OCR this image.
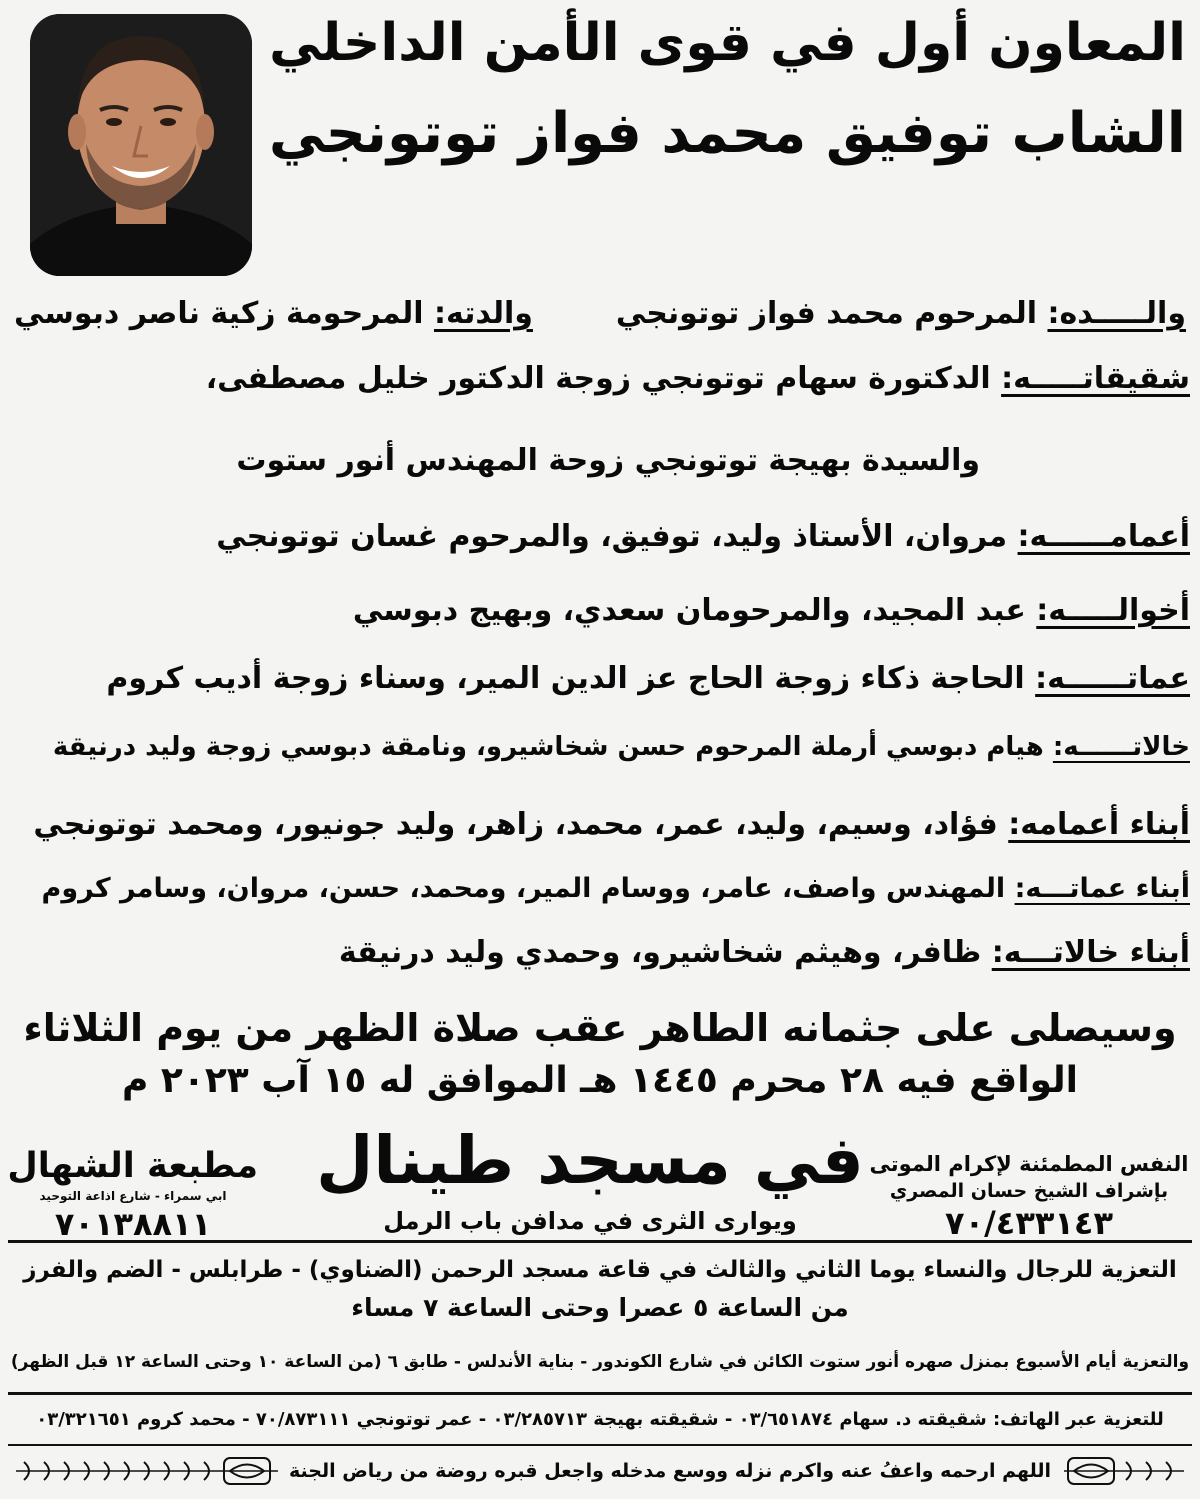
المعاون أول في قوى الأمن الداخلي
الشاب توفيق محمد فواز توتونجي
والـــــده: المرحوم محمد فواز توتونجي
والدته: المرحومة زكية ناصر دبوسي
شقيقاتـــــه: الدكتورة سهام توتونجي زوجة الدكتور خليل مصطفى،
والسيدة بهيجة توتونجي زوحة المهندس أنور ستوت
أعمامــــــه: مروان، الأستاذ وليد، توفيق، والمرحوم غسان توتونجي
أخوالـــــه: عبد المجيد، والمرحومان سعدي، وبهيج دبوسي
عماتــــــه: الحاجة ذكاء زوجة الحاج عز الدين المير، وسناء زوجة أديب كروم
خالاتــــــه: هيام دبوسي أرملة المرحوم حسن شخاشيرو، ونامقة دبوسي زوجة وليد درنيقة
أبناء أعمامه: فؤاد، وسيم، وليد، عمر، محمد، زاهر، وليد جونيور، ومحمد توتونجي
أبناء عماتـــه: المهندس واصف، عامر، ووسام المير، ومحمد، حسن، مروان، وسامر كروم
أبناء خالاتـــه: ظافر، وهيثم شخاشيرو، وحمدي وليد درنيقة
وسيصلى على جثمانه الطاهر عقب صلاة الظهر من يوم الثلاثاء
الواقع فيه ٢٨ محرم ١٤٤٥ هـ الموافق له ١٥ آب ٢٠٢٣ م
مطبعة الشهال
ابي سمراء - شارع اذاعة التوحيد
٧٠١٣٨٨١١
في مسجد طينال
ويوارى الثرى في مدافن باب الرمل
النفس المطمئنة لإكرام الموتى
بإشراف الشيخ حسان المصري
٧٠/٤٣٣١٤٣
التعزية للرجال والنساء يوما الثاني والثالث في قاعة مسجد الرحمن (الضناوي) - طرابلس - الضم والفرز
من الساعة ٥ عصرا وحتى الساعة ٧ مساء
والتعزية أيام الأسبوع بمنزل صهره أنور ستوت الكائن في شارع الكوندور - بناية الأندلس - طابق ٦ (من الساعة ١٠ وحتى الساعة ١٢ قبل الظهر)
للتعزية عبر الهاتف: شقيقته د. سهام ٠٣/٦٥١٨٧٤ - شقيقته بهيجة ٠٣/٢٨٥٧١٣ - عمر توتونجي ٧٠/٨٧٣١١١ - محمد كروم ٠٣/٣٢١٦٥١
اللهم ارحمه واعفُ عنه واكرم نزله ووسع مدخله واجعل قبره روضة من رياض الجنة
